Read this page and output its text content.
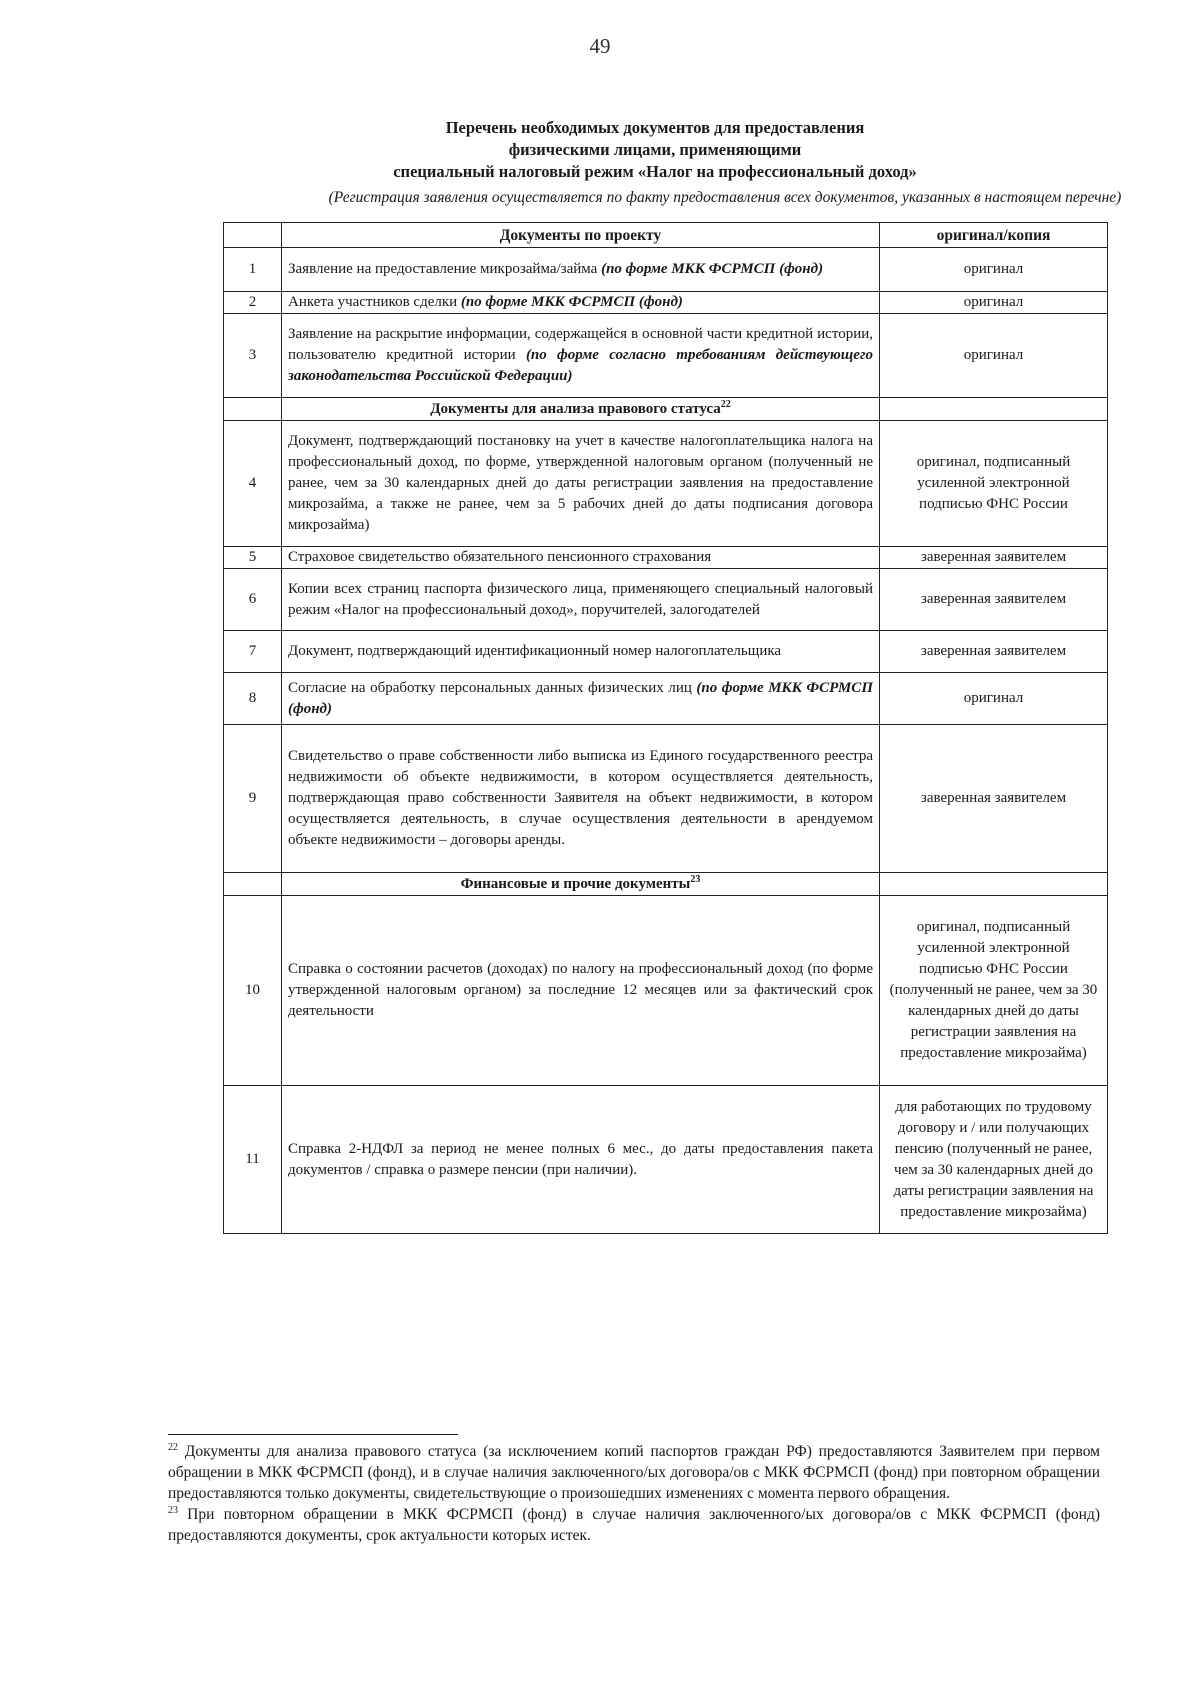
49
Перечень необходимых документов для предоставления
физическими лицами, применяющими
специальный налоговый режим «Налог на профессиональный доход»
(Регистрация заявления осуществляется по факту предоставления всех документов, указанных в настоящем перечне)
	Документы по проекту	оригинал/копия
1	Заявление на предоставление микрозайма/займа (по форме МКК ФСРМСП (фонд)	оригинал
2	Анкета участников сделки (по форме МКК ФСРМСП (фонд)	оригинал
3	Заявление на раскрытие информации, содержащейся в основной части кредитной истории, пользователю кредитной истории (по форме согласно требованиям действующего законодательства Российской Федерации)	оригинал
	Документы для анализа правового статуса$^{22}$	
4	Документ, подтверждающий постановку на учет в качестве налогоплательщика налога на профессиональный доход, по форме, утвержденной налоговым органом (полученный не ранее, чем за 30 календарных дней до даты регистрации заявления на предоставление микрозайма, а также не ранее, чем за 5 рабочих дней до даты подписания договора микрозайма)	оригинал, подписанный усиленной электронной подписью ФНС России
5	Страховое свидетельство обязательного пенсионного страхования	заверенная заявителем
6	Копии всех страниц паспорта физического лица, применяющего специальный налоговый режим «Налог на профессиональный доход», поручителей, залогодателей	заверенная заявителем
7	Документ, подтверждающий идентификационный номер налогоплательщика	заверенная заявителем
8	Согласие на обработку персональных данных физических лиц (по форме МКК ФСРМСП (фонд)	оригинал
9	Свидетельство о праве собственности либо выписка из Единого государственного реестра недвижимости об объекте недвижимости, в котором осуществляется деятельность, подтверждающая право собственности Заявителя на объект недвижимости, в котором осуществляется деятельность, в случае осуществления деятельности в арендуемом объекте недвижимости – договоры аренды.	заверенная заявителем
	Финансовые и прочие документы$^{23}$	
10	Справка о состоянии расчетов (доходах) по налогу на профессиональный доход (по форме утвержденной налоговым органом) за последние 12 месяцев или за фактический срок деятельности	оригинал, подписанный усиленной электронной подписью ФНС России (полученный не ранее, чем за 30 календарных дней до даты регистрации заявления на предоставление микрозайма)
11	Справка 2-НДФЛ за период не менее полных 6 мес., до даты предоставления пакета документов / справка о размере пенсии (при наличии).	для работающих по трудовому договору и / или получающих пенсию (полученный не ранее, чем за 30 календарных дней до даты регистрации заявления на предоставление микрозайма)

$^{22}$ Документы для анализа правового статуса (за исключением копий паспортов граждан РФ) предоставляются Заявителем при первом обращении в МКК ФСРМСП (фонд), и в случае наличия заключенного/ых договора/ов с МКК ФСРМСП (фонд) при повторном обращении предоставляются только документы, свидетельствующие о произошедших изменениях с момента первого обращения.

$^{23}$ При повторном обращении в МКК ФСРМСП (фонд) в случае наличия заключенного/ых договора/ов с МКК ФСРМСП (фонд) предоставляются документы, срок актуальности которых истек.
